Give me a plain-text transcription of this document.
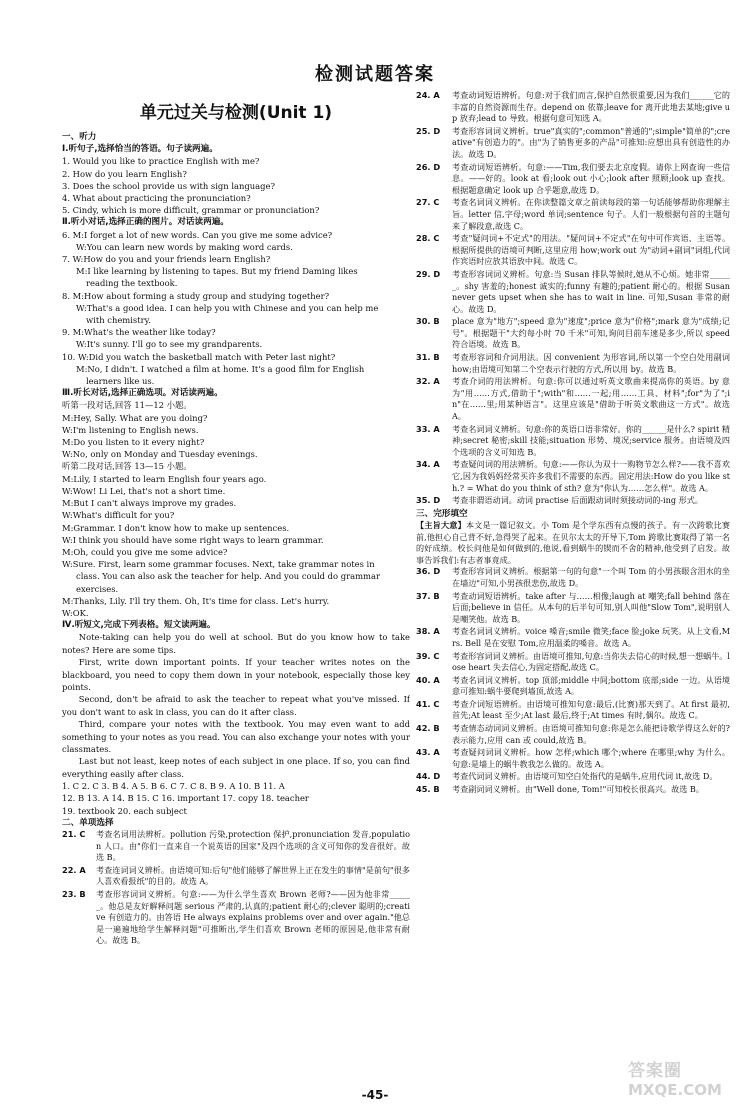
检测试题答案
单元过关与检测(Unit 1)
一、听力
Ⅰ.听句子,选择恰当的答语。句子读两遍。
1. Would you like to practice English with me?
2. How do you learn English?
3. Does the school provide us with sign language?
4. What about practicing the pronunciation?
5. Cindy, which is more difficult, grammar or pronunciation?
Ⅱ.听小对话,选择正确的图片。对话读两遍。
6. M:I forget a lot of new words. Can you give me some advice?
W:You can learn new words by making word cards.
7. W:How do you and your friends learn English?
M:I like learning by listening to tapes. But my friend Daming likes
reading the textbook.
8. M:How about forming a study group and studying together?
W:That's a good idea. I can help you with Chinese and you can help me
with chemistry.
9. M:What's the weather like today?
W:It's sunny. I'll go to see my grandparents.
10. W:Did you watch the basketball match with Peter last night?
M:No, I didn't. I watched a film at home. It's a good film for English
learners like us.
Ⅲ.听长对话,选择正确选项。对话读两遍。
听第一段对话,回答 11—12 小题。
M:Hey, Sally. What are you doing?
W:I'm listening to English news.
M:Do you listen to it every night?
W:No, only on Monday and Tuesday evenings.
听第二段对话,回答 13—15 小题。
M:Lily, I started to learn English four years ago.
W:Wow! Li Lei, that's not a short time.
M:But I can't always improve my grades.
W:What's difficult for you?
M:Grammar. I don't know how to make up sentences.
W:I think you should have some right ways to learn grammar.
M:Oh, could you give me some advice?
W:Sure. First, learn some grammar focuses. Next, take grammar notes in
class. You can also ask the teacher for help. And you could do grammar
exercises.
M:Thanks, Lily. I'll try them. Oh, It's time for class. Let's hurry.
W:OK.
Ⅳ.听短文,完成下列表格。短文读两遍。
Note-taking can help you do well at school. But do you know how to take notes? Here are some tips.
First, write down important points. If your teacher writes notes on the blackboard, you need to copy them down in your notebook, especially those key points.
Second, don't be afraid to ask the teacher to repeat what you've missed. If you don't want to ask in class, you can do it after class.
Third, compare your notes with the textbook. You may even want to add something to your notes as you read. You can also exchange your notes with your classmates.
Last but not least, keep notes of each subject in one place. If so, you can find everything easily after class.
1. C 2. C 3. B 4. A 5. B 6. C 7. C 8. B 9. A 10. B 11. A
12. B 13. A 14. B 15. C 16. important 17. copy 18. teacher
19. textbook 20. each subject
二、单项选择
21. C	考查名词用法辨析。pollution 污染,protection 保护,pronunciation 发音,population 人口。由"你们一直来自一个说英语的国家"及四个选项的含义可知你的发音很好。故选 B。
22. A	考查连词词义辨析。由语境可知:后句"他们能够了解世界上正在发生的事情"是前句"很多人喜欢看报纸"的目的。故选 A。
23. B	考查形容词词义辨析。句意:——为什么学生喜欢 Brown 老师?——因为他非常______。他总是友好解释问题 serious 严肃的,认真的;patient 耐心的;clever 聪明的;creative 有创造力的。由答语 He always explains problems over and over again."他总是一遍遍地给学生解释问题"可推断出,学生们喜欢 Brown 老师的原因是,他非常有耐心。故选 B。
24. A	考查动词短语辨析。句意:对于我们而言,保护自然很重要,因为我们______它的丰富的自然资源而生存。depend on 依靠;leave for 离开此地去某地;give up 放弃;lead to 导致。根据句意可知选 A。
25. D	考查形容词词义辨析。true"真实的";common"普通的";simple"简单的";creative"有创造力的"。由"为了销售更多的产品"可推知:应想出具有创造性的办法。故选 D。
26. D	考查动词短语辨析。句意:——Tim,我们要去北京度假。请你上网查询一些信息。——好的。look at 看;look out 小心;look after 照顾;look up 查找。根据题意确定 look up 合乎题意,故选 D。
27. C	考查名词词义辨析。在你读整篇文章之前读每段的第一句话能够帮助你理解主旨。letter 信,字母;word 单词;sentence 句子。人们一般根据句首的主题句来了解段意,故选 C。
28. C	考查"疑问词+不定式"的用法。"疑问词+不定式"在句中可作宾语、主语等。根据所提供的语境可判断,这里应用 how;work out 为"动词+副词"词组,代词作宾语时应放其语放中间。故选 C。
29. D	考查形容词词义辨析。句意:当 Susan 排队等候时,她从不心烦。她非常______。shy 害羞的;honest 诚实的;funny 有趣的;patient 耐心的。根据 Susan never gets upset when she has to wait in line. 可知,Susan 非常的耐心。故选 D。
30. B	place 意为"地方";speed 意为"速度";price 意为"价格";mark 意为"成绩;记号"。根据题干"大约每小时 70 千米"可知,询问目前车速是多少,所以 speed 符合语境。故选 B。
31. B	考查形容词和介词用法。因 convenient 为形容词,所以第一个空白处用副词 how;由语境可知第二个空表示行驶的方式,所以用 by。故选 B。
32. A	考查介词的用法辨析。句意:你可以通过听英文歌曲来提高你的英语。by 意为"用……方式,借助于";with"和……一起;用……工具、材料";for"为了";in"在……里;用某种语言"。这里应该是"借助于听英文歌曲这一方式"。故选 A。
33. A	考查名词词义辨析。句意:你的英语口语非常好。你的______是什么? spirit 精神;secret 秘密;skill 技能;situation 形势、境况;service 服务。由语境及四个选项的含义可知选 B。
34. A	考查疑问词的用法辨析。句意:——你认为双十一购物节怎么样?——我不喜欢它,因为我妈妈经常买许多我们不需要的东西。固定用法:How do you like sth.? = What do you think of sth? 意为"你认为……怎么样"。故选 A。
35. D	考查非谓语动词。动词 practise 后面跟动词时须接动词的-ing 形式。
三、完形填空
【主旨大意】本文是一篇记叙文。小 Tom 是个学东西有点慢的孩子。有一次跨歌比赛前,他担心自己背不好,急得哭了起来。在贝尔太太的开导下,Tom 跨歌比赛取得了第一名的好成绩。校长问他是如何做到的,他说,看到蜗牛的锲而不舍的精神,他受到了启发。故事告诉我们:有志者事竟成。
36. D	考查形容词词义辨析。根据第一句的句意"一个叫 Tom 的小男孩眼含泪水的坐在墙边"可知,小男孩很悲伤,故选 D。
37. B	考查动词短语辨析。take after 与……相像;laugh at 嘲笑;fall behind 落在后面;believe in 信任。从本句的后半句可知,别人叫他"Slow Tom",说明别人是嘲笑他。故选 B。
38. A	考查名词词义辨析。voice 嗓音;smile 微笑;face 脸;joke 玩笑。从上文看,Mrs. Bell 是在安慰 Tom,应用温柔的嗓音。故选 A。
39. C	考查形容词词义辨析。由语境可推知,句意:当你失去信心的时候,想一想蜗牛。lose heart 失去信心,为固定搭配,故选 C。
40. A	考查名词词义辨析。top 顶部;middle 中间;bottom 底部;side 一边。从语境意可推知:蜗牛要爬到墙顶,故选 A。
41. C	考查介词短语辨析。由语境可推知句意:最后,(比赛)那天到了。At first 最初,首先;At least 至少;At last 最后,终于;At times 有时,偶尔。故选 C。
42. B	考查情态动词词义辨析。由语境可推知句意:你是怎么能把诗歌学得这么好的? 表示能力,应用 can 或 could,故选 B。
43. A	考查疑问词词义辨析。how 怎样;which 哪个;where 在哪里;why 为什么。句意:是墙上的蜗牛教我怎么做的。故选 A。
44. D	考查代词词义辨析。由语境可知空白处指代的是蜗牛,应用代词 it,故选 D。
45. B	考查副词词义辨析。由"Well done, Tom!"可知校长很高兴。故选 B。
-45-
答案圈
MXQE.COM
